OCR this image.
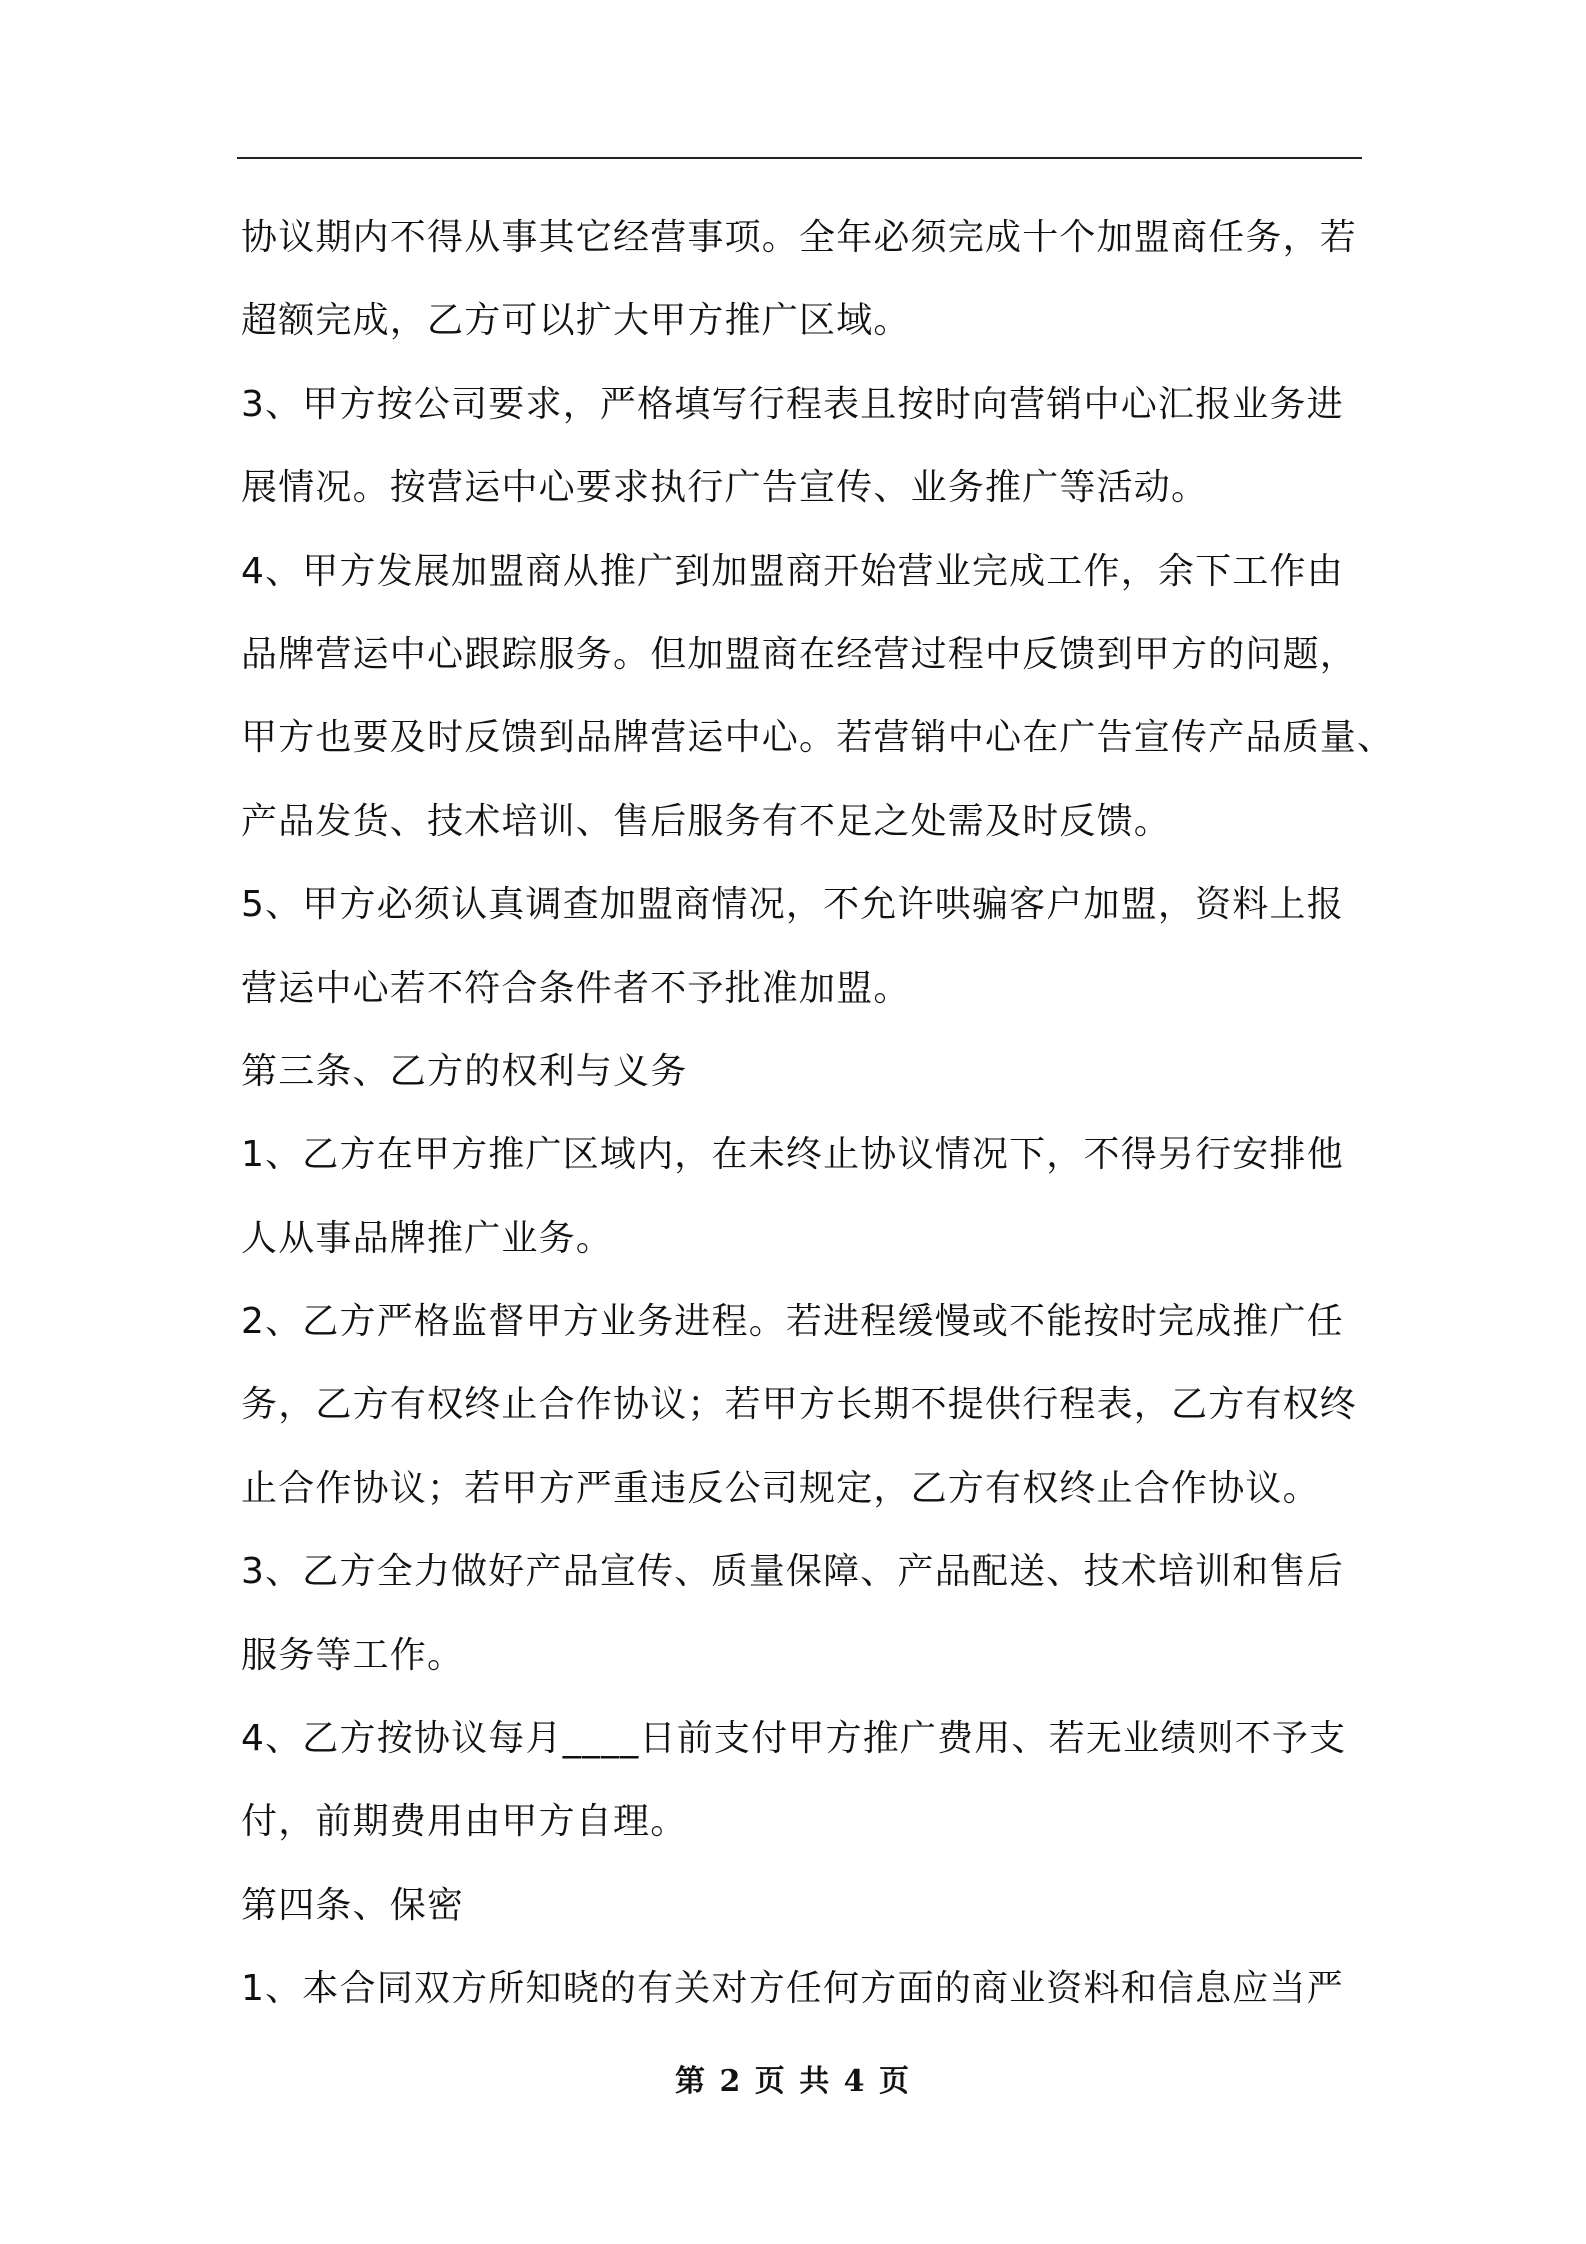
协议期内不得从事其它经营事项。全年必须完成十个加盟商任务，若
超额完成，乙方可以扩大甲方推广区域。
3、甲方按公司要求，严格填写行程表且按时向营销中心汇报业务进
展情况。按营运中心要求执行广告宣传、业务推广等活动。
4、甲方发展加盟商从推广到加盟商开始营业完成工作，余下工作由
品牌营运中心跟踪服务。但加盟商在经营过程中反馈到甲方的问题，
甲方也要及时反馈到品牌营运中心。若营销中心在广告宣传产品质量、
产品发货、技术培训、售后服务有不足之处需及时反馈。
5、甲方必须认真调查加盟商情况，不允许哄骗客户加盟，资料上报
营运中心若不符合条件者不予批准加盟。
第三条、乙方的权利与义务
1、乙方在甲方推广区域内，在未终止协议情况下，不得另行安排他
人从事品牌推广业务。
2、乙方严格监督甲方业务进程。若进程缓慢或不能按时完成推广任
务，乙方有权终止合作协议；若甲方长期不提供行程表，乙方有权终
止合作协议；若甲方严重违反公司规定，乙方有权终止合作协议。
3、乙方全力做好产品宣传、质量保障、产品配送、技术培训和售后
服务等工作。
4、乙方按协议每月____日前支付甲方推广费用、若无业绩则不予支
付，前期费用由甲方自理。
第四条、保密
1、本合同双方所知晓的有关对方任何方面的商业资料和信息应当严
第 2 页 共 4 页
